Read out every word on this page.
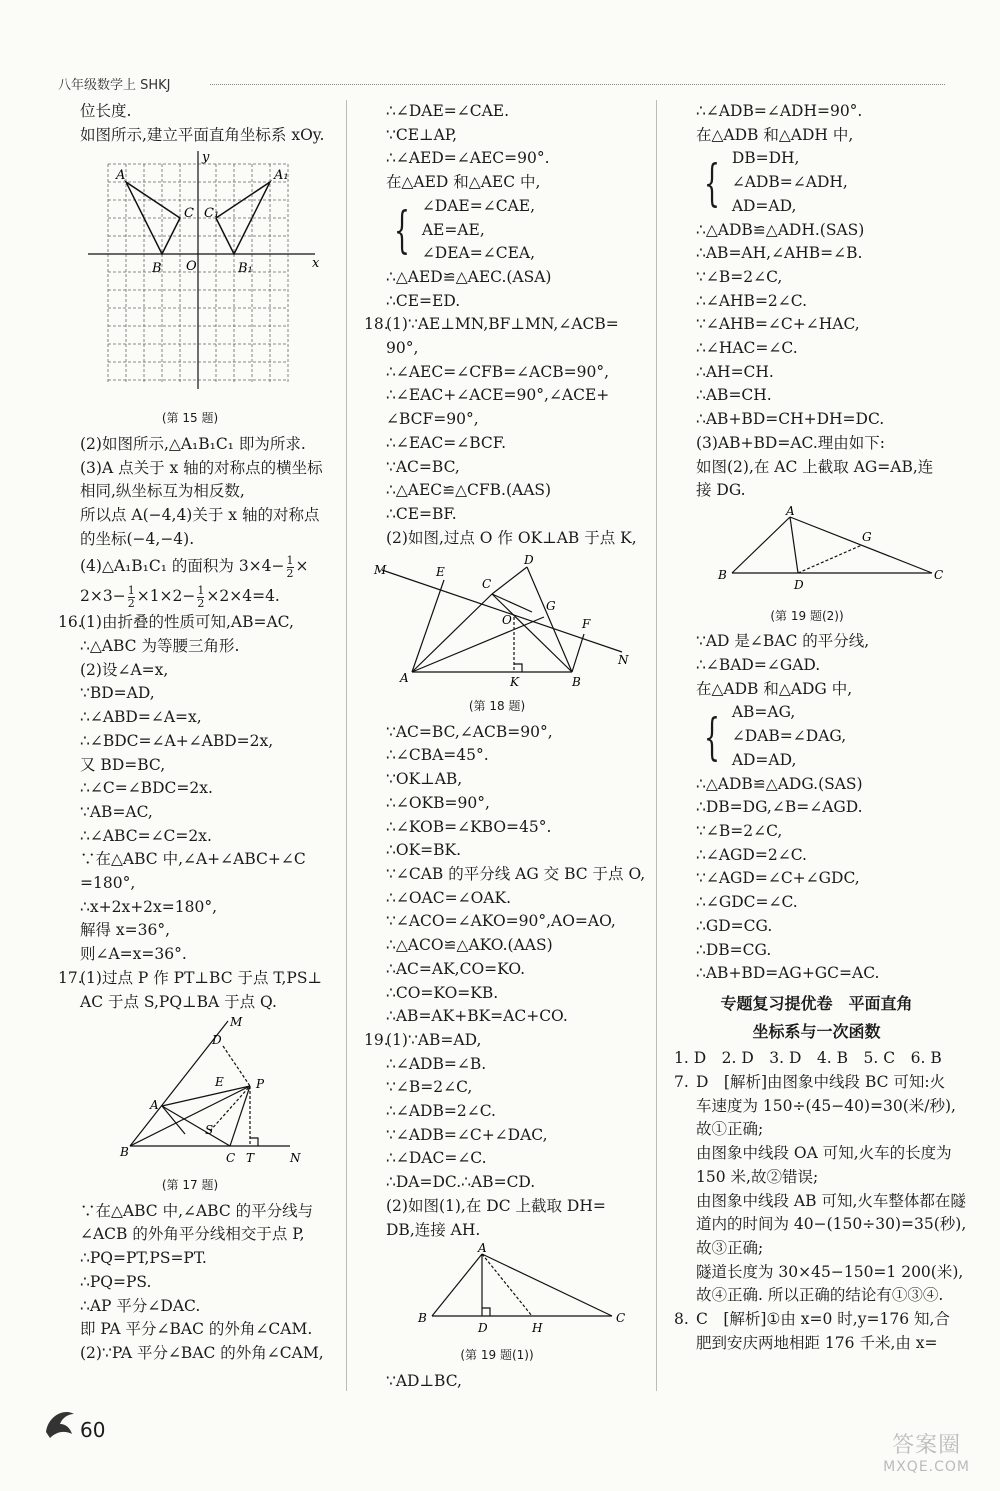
八年级数学上 SHKJ
位长度.
如图所示,建立平面直角坐标系 xOy.
A	A₁
C C₁
B	B₁
O	x
y
(第 15 题)
(2)如图所示,△A₁B₁C₁ 即为所求.
(3)A 点关于 x 轴的对称点的横坐标
相同,纵坐标互为相反数,
所以点 A(−4,4)关于 x 轴的对称点
的坐标(−4,−4).
(4)△A₁B₁C₁ 的面积为 $3\times 4- \frac{1}{2}$ ×
$2\times 3- \frac{1}{2} \times 1\times 2- \frac{1}{2} \times 2\times 4=4$.
16.(1)由折叠的性质可知,AB=AC,
∴△ABC 为等腰三角形.
(2)设∠A=x,
∵BD=AD,
∴∠ABD=∠A=x,
∴∠BDC=∠A+∠ABD=2x,
又 BD=BC,
∴∠C=∠BDC=2x.
∵AB=AC,
∴∠ABC=∠C=2x.
∵在△ABC 中,∠A+∠ABC+∠C
=180°,
∴x+2x+2x=180°,
解得 x=36°,
则∠A=x=36°.
17.(1)过点 P 作 PT⊥BC 于点 T,PS⊥
AC 于点 S,PQ⊥BA 于点 Q.
M
D
E	P
A
S
B	C T	N
(第 17 题)
∵在△ABC 中,∠ABC 的平分线与
∠ACB 的外角平分线相交于点 P,
∴PQ=PT,PS=PT.
∴PQ=PS.
∴AP 平分∠DAC.
即 PA 平分∠BAC 的外角∠CAM.
(2)∵PA 平分∠BAC 的外角∠CAM,
∴∠DAE=∠CAE.
∵CE⊥AP,
∴∠AED=∠AEC=90°.
在△AED 和△AEC 中,
{ ∠DAE=∠CAE,
AE=AE,
∠DEA=∠CEA,
∴△AED≌△AEC.(ASA)
∴CE=ED.
18.(1)∵AE⊥MN,BF⊥MN,∠ACB=
90°,
∴∠AEC=∠CFB=∠ACB=90°,
∴∠EAC+∠ACE=90°,∠ACE+
∠BCF=90°,
∴∠EAC=∠BCF.
∵AC=BC,
∴△AEC≌△CFB.(AAS)
∴CE=BF.
(2)如图,过点 O 作 OK⊥AB 于点 K,
M	E
D
C
G
O	F
N
A	K	B
(第 18 题)
∵AC=BC,∠ACB=90°,
∴∠CBA=45°.
∵OK⊥AB,
∴∠OKB=90°,
∴∠KOB=∠KBO=45°.
∴OK=BK.
∵∠CAB 的平分线 AG 交 BC 于点 O,
∴∠OAC=∠OAK.
∵∠ACO=∠AKO=90°,AO=AO,
∴△ACO≌△AKO.(AAS)
∴AC=AK,CO=KO.
∴CO=KO=KB.
∴AB=AK+BK=AC+CO.
19.(1)∵AB=AD,
∴∠ADB=∠B.
∵∠B=2∠C,
∴∠ADB=2∠C.
∵∠ADB=∠C+∠DAC,
∴∠DAC=∠C.
∴DA=DC.∴AB=CD.
(2)如图(1),在 DC 上截取 DH=
DB,连接 AH.
A
B
D	H
C
(第 19 题(1))
∵AD⊥BC,
∴∠ADB=∠ADH=90°.
在△ADB 和△ADH 中,
{ DB=DH,
∠ADB=∠ADH,
AD=AD,
∴△ADB≌△ADH.(SAS)
∴AB=AH,∠AHB=∠B.
∵∠B=2∠C,
∴∠AHB=2∠C.
∵∠AHB=∠C+∠HAC,
∴∠HAC=∠C.
∴AH=CH.
∴AB=CH.
∴AB+BD=CH+DH=DC.
(3)AB+BD=AC.理由如下:
如图(2),在 AC 上截取 AG=AB,连
接 DG.
A
B
D
G
C
(第 19 题(2))
∵AD 是∠BAC 的平分线,
∴∠BAD=∠GAD.
在△ADB 和△ADG 中,
{ AB=AG,
∠DAB=∠DAG,
AD=AD,
∴△ADB≌△ADG.(SAS)
∴DB=DG,∠B=∠AGD.
∵∠B=2∠C,
∴∠AGD=2∠C.
∵∠AGD=∠C+∠GDC,
∴∠GDC=∠C.
∴GD=CG.
∴DB=CG.
∴AB+BD=AG+GC=AC.
专题复习提优卷　平面直角
坐标系与一次函数
1. D　2. D　3. D　4. B　5. C　6. B
7. D　[解析]由图象中线段 BC 可知:火
车速度为 150÷(45−40)=30(米/秒),
故①正确;
由图象中线段 OA 可知,火车的长度为
150 米,故②错误;
由图象中线段 AB 可知,火车整体都在隧
道内的时间为 40−(150÷30)=35(秒),
故③正确;
隧道长度为 30×45−150=1 200(米),
故④正确. 所以正确的结论有①③④.
8. C　[解析]①由 x=0 时,y=176 知,合
肥到安庆两地相距 176 千米,由 x=
60
答案圈
MXQE.COM
